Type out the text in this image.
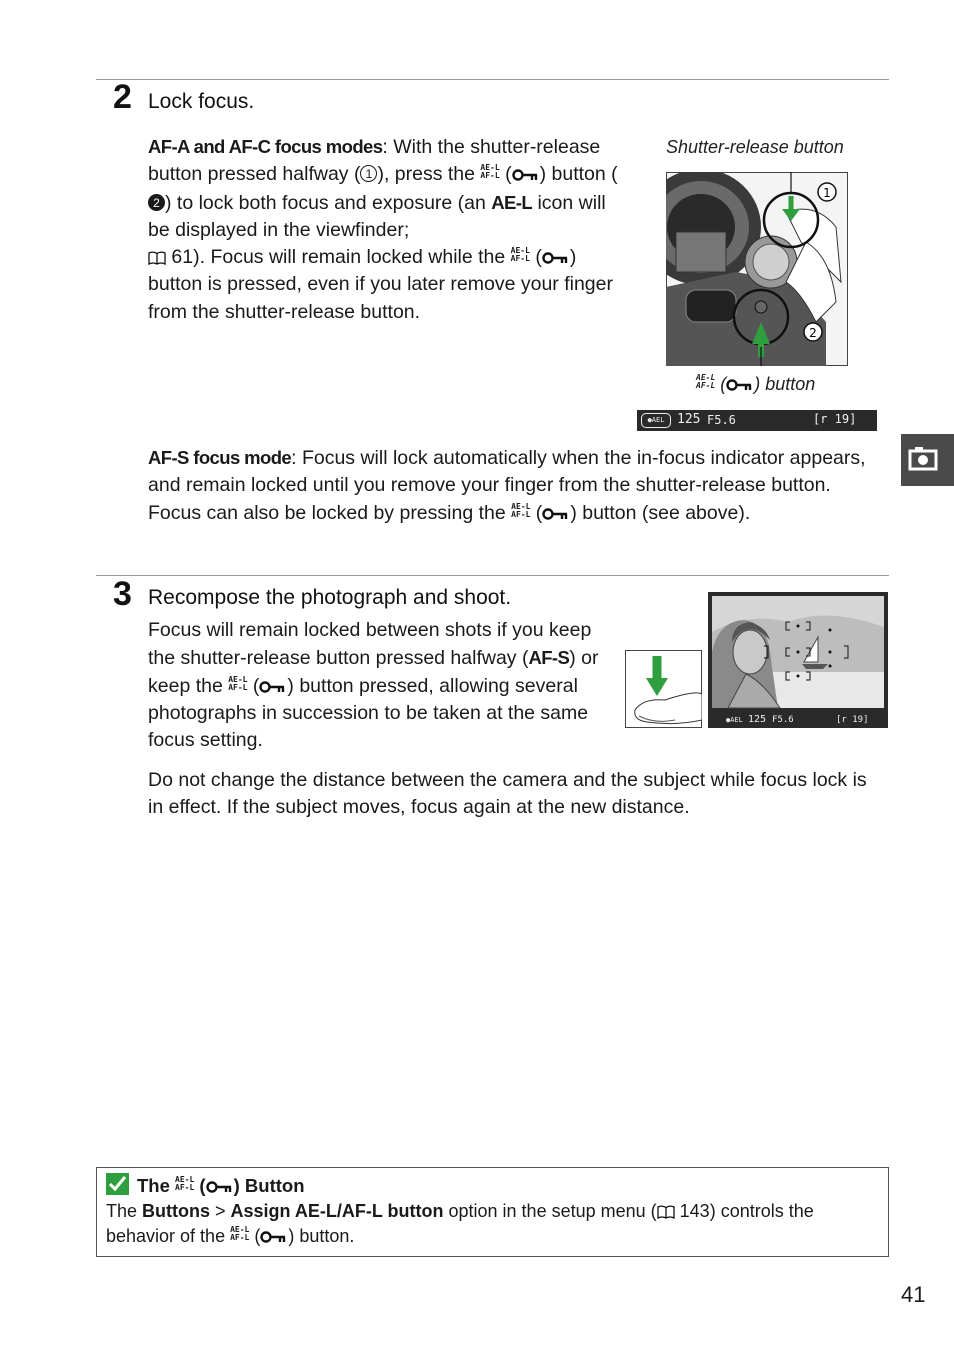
2 Lock focus.
AF-A and AF-C focus modes: With the shutter-release button pressed halfway ( 1 ), press the AE-L
AF-L ( ) button (2 ) to lock both focus and exposure (an AE-L icon will be displayed in the viewfinder;
61). Focus will remain locked while the AE-L
AF-L ( ) button is pressed, even if you later remove your finger from the shutter-release button.
Shutter-release button
1
2
AE-L
AF-L ( ) button
●AEL 125 F5.6	[r 19]
AF-S focus mode: Focus will lock automatically when the in-focus indicator appears, and remain locked until you remove your finger from the shutter-release button. Focus can also be locked by pressing the AE-L
AF-L ( ) button (see above).
3 Recompose the photograph and shoot.
Focus will remain locked between shots if you keep the shutter-release button pressed halfway (AF-S) or keep the AE-L
AF-L ( ) button pressed, allowing several photographs in succession to be taken at the same focus setting.
●AEL 125 F5.6	[r 19]
Do not change the distance between the camera and the subject while focus lock is in effect. If the subject moves, focus again at the new distance.
The AE-L
AF-L ( ) Button
The Buttons > Assign AE-L/AF-L button option in the setup menu ( 143) controls the behavior of the AE-L
AF-L ( ) button.
41
